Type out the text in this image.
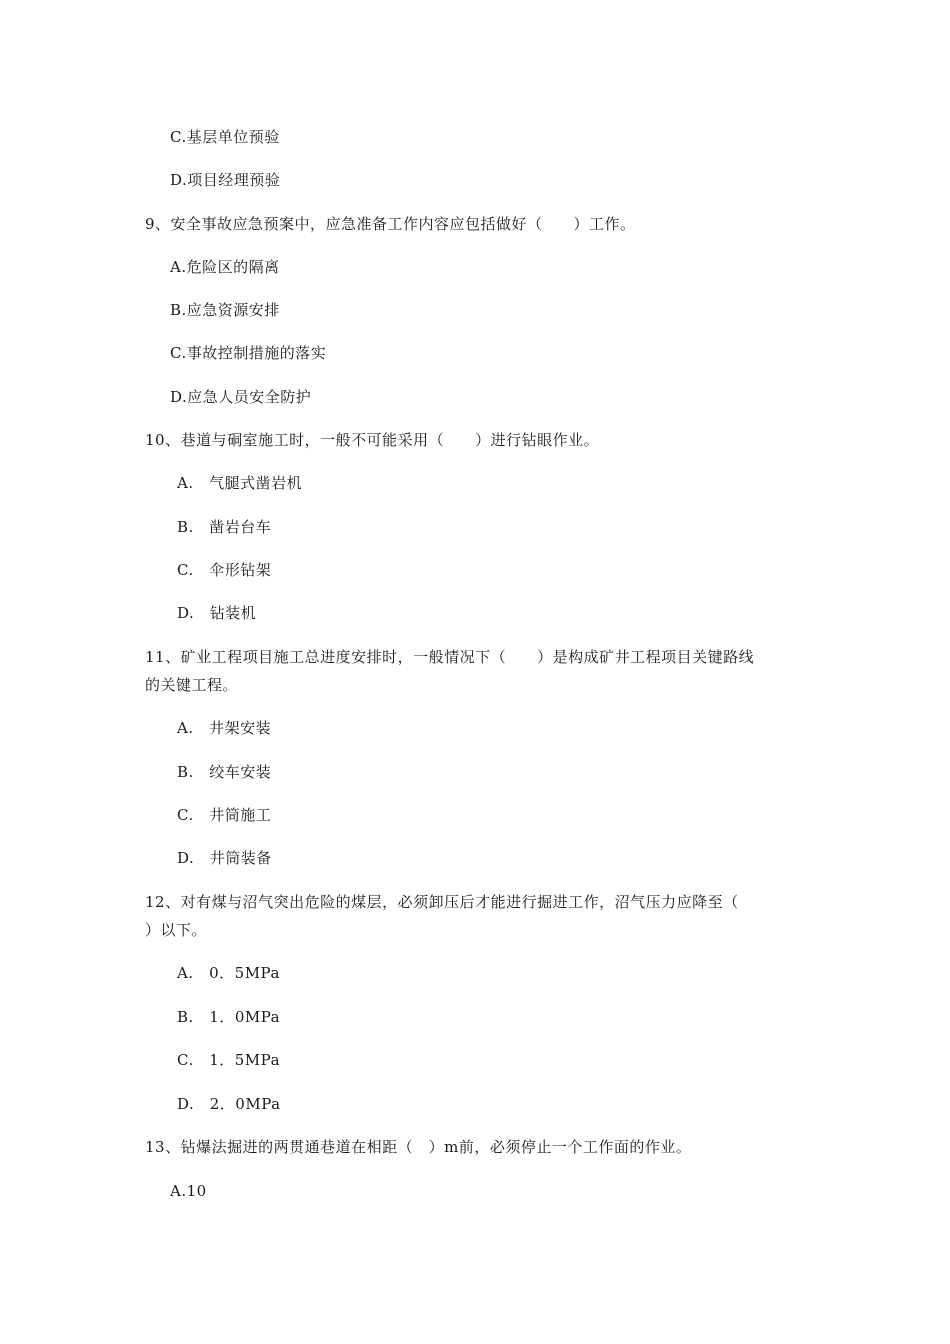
C.基层单位预验
D.项目经理预验
9、安全事故应急预案中，应急准备工作内容应包括做好（　　）工作。
A.危险区的隔离
B.应急资源安排
C.事故控制措施的落实
D.应急人员安全防护
10、巷道与硐室施工时，一般不可能采用（　　）进行钻眼作业。
A.　气腿式凿岩机
B.　凿岩台车
C.　伞形钻架
D.　钻装机
11、矿业工程项目施工总进度安排时，一般情况下（　　）是构成矿井工程项目关键路线
的关键工程。
A.　井架安装
B.　绞车安装
C.　井筒施工
D.　井筒装备
12、对有煤与沼气突出危险的煤层，必须卸压后才能进行掘进工作，沼气压力应降至（
）以下。
A.　0．5MPa
B.　1．0MPa
C.　1．5MPa
D.　2．0MPa
13、钻爆法掘进的两贯通巷道在相距（　）m前，必须停止一个工作面的作业。
A.10
